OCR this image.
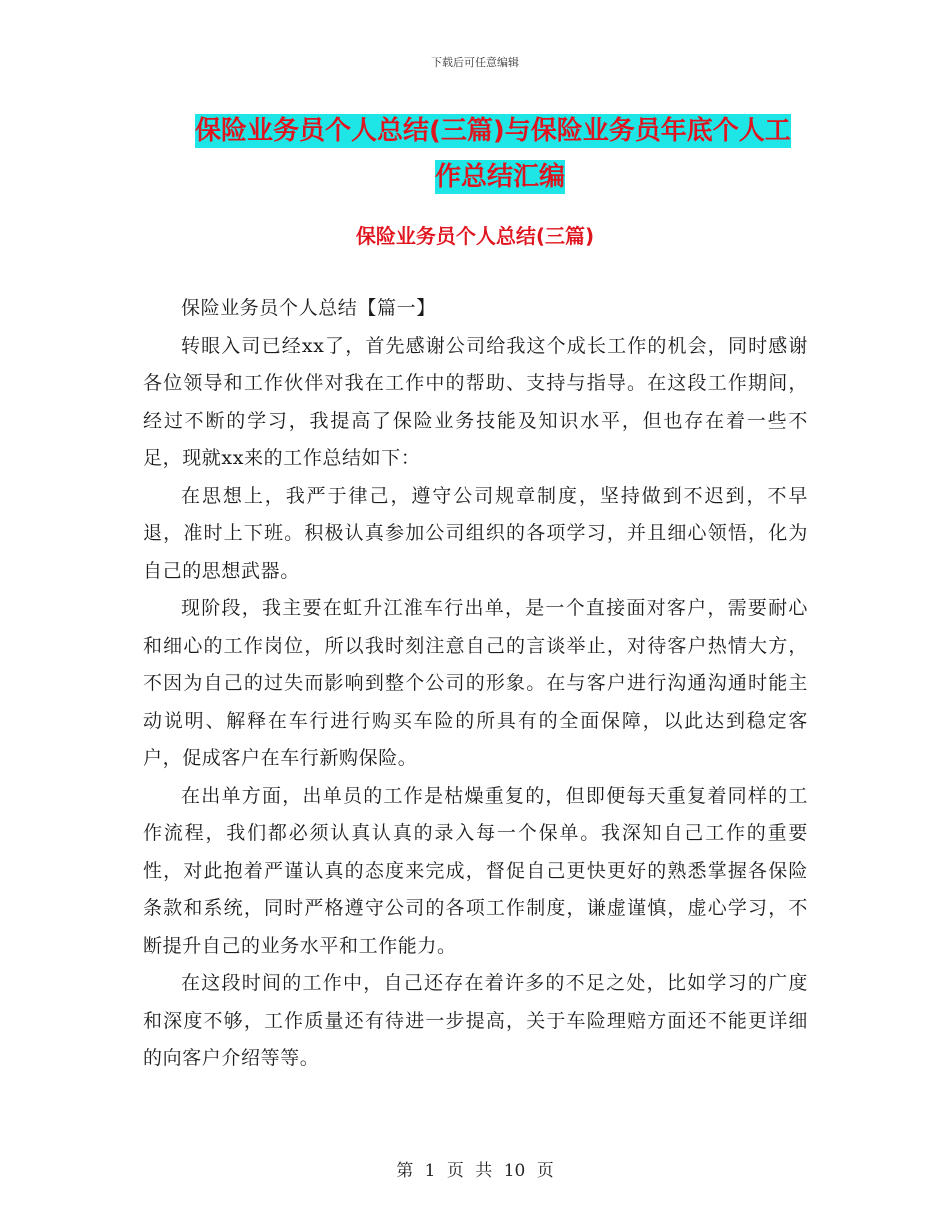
下载后可任意编辑
保险业务员个人总结(三篇)与保险业务员年底个人工
作总结汇编
保险业务员个人总结(三篇)

保险业务员个人总结【篇一】

转眼入司已经xx了，首先感谢公司给我这个成长工作的机会，同时感谢各位领导和工作伙伴对我在工作中的帮助、支持与指导。在这段工作期间，经过不断的学习，我提高了保险业务技能及知识水平，但也存在着一些不足，现就xx来的工作总结如下：

在思想上，我严于律己，遵守公司规章制度，坚持做到不迟到，不早退，准时上下班。积极认真参加公司组织的各项学习，并且细心领悟，化为自己的思想武器。

现阶段，我主要在虹升江淮车行出单，是一个直接面对客户，需要耐心和细心的工作岗位，所以我时刻注意自己的言谈举止，对待客户热情大方，不因为自己的过失而影响到整个公司的形象。在与客户进行沟通沟通时能主动说明、解释在车行进行购买车险的所具有的全面保障，以此达到稳定客户，促成客户在车行新购保险。

在出单方面，出单员的工作是枯燥重复的，但即便每天重复着同样的工作流程，我们都必须认真认真的录入每一个保单。我深知自己工作的重要性，对此抱着严谨认真的态度来完成，督促自己更快更好的熟悉掌握各保险条款和系统，同时严格遵守公司的各项工作制度，谦虚谨慎，虚心学习，不断提升自己的业务水平和工作能力。

在这段时间的工作中，自己还存在着许多的不足之处，比如学习的广度和深度不够，工作质量还有待进一步提高，关于车险理赔方面还不能更详细的向客户介绍等等。

第 1 页 共 10 页
